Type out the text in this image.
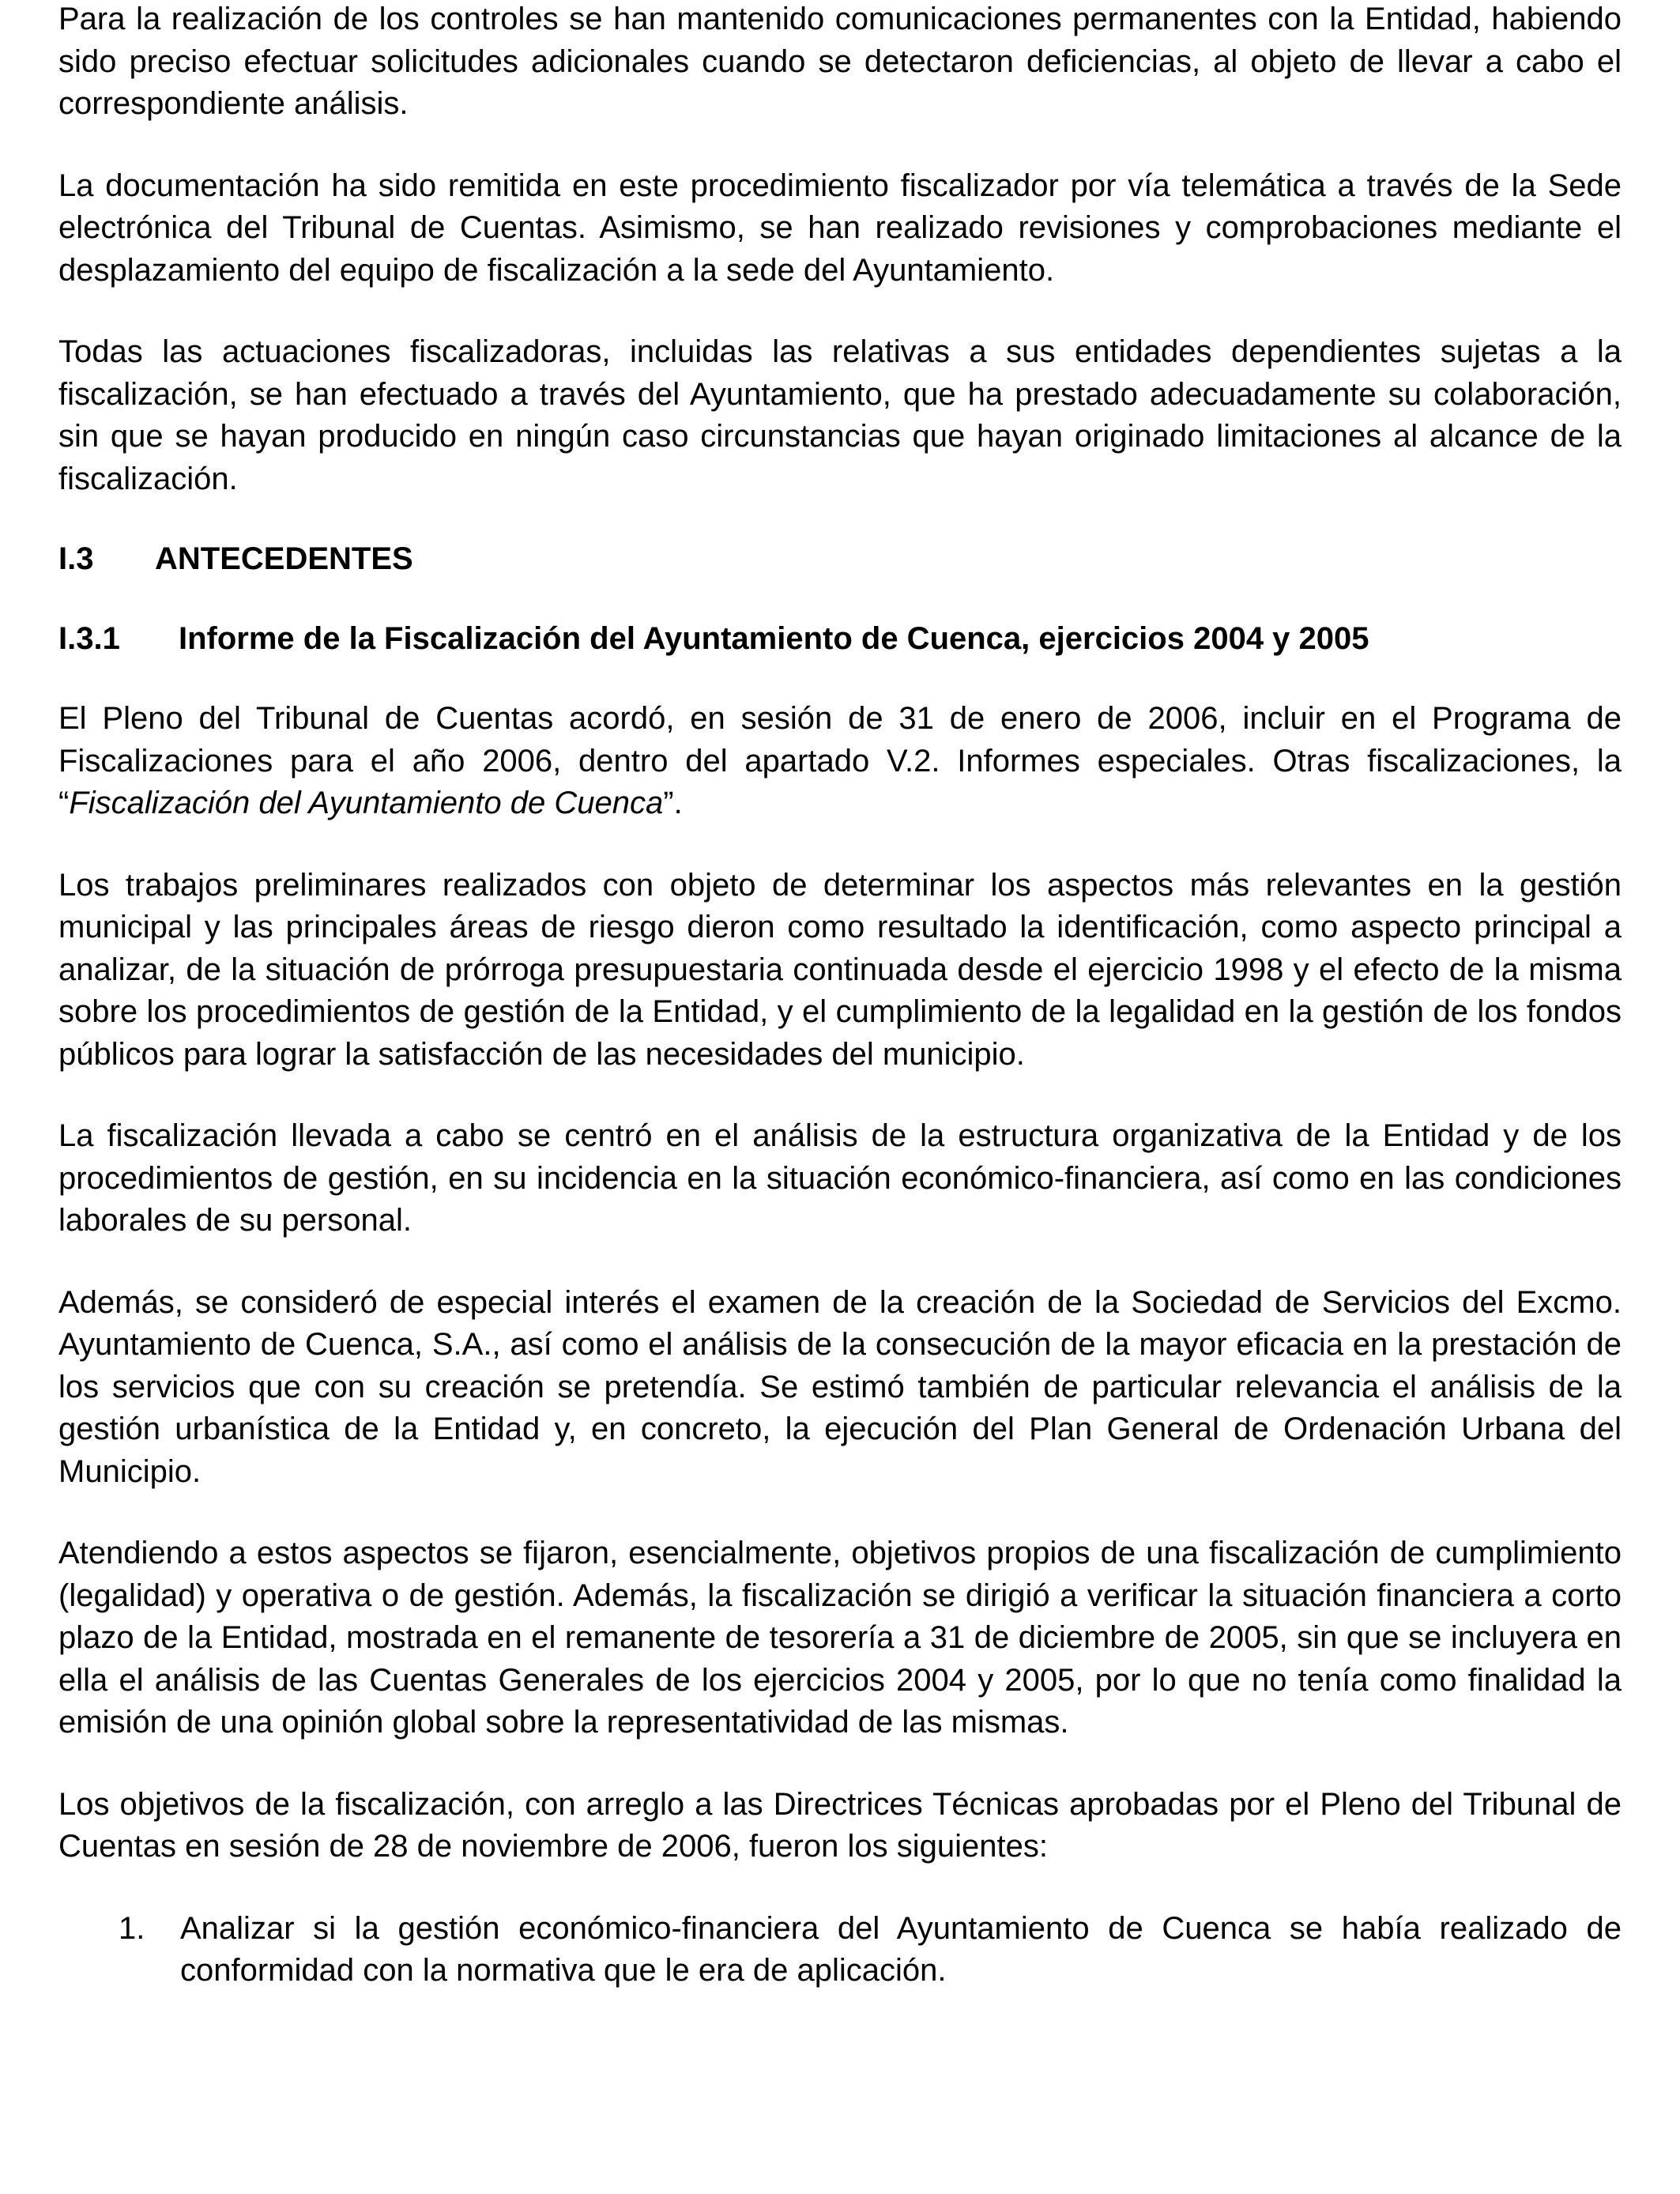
Para la realización de los controles se han mantenido comunicaciones permanentes con la Entidad, habiendo sido preciso efectuar solicitudes adicionales cuando se detectaron deficiencias, al objeto de llevar a cabo el correspondiente análisis.

La documentación ha sido remitida en este procedimiento fiscalizador por vía telemática a través de la Sede electrónica del Tribunal de Cuentas. Asimismo, se han realizado revisiones y comprobaciones mediante el desplazamiento del equipo de fiscalización a la sede del Ayuntamiento.

Todas las actuaciones fiscalizadoras, incluidas las relativas a sus entidades dependientes sujetas a la fiscalización, se han efectuado a través del Ayuntamiento, que ha prestado adecuadamente su colaboración, sin que se hayan producido en ningún caso circunstancias que hayan originado limitaciones al alcance de la fiscalización.

I.3	ANTECEDENTES
I.3.1	Informe de la Fiscalización del Ayuntamiento de Cuenca, ejercicios 2004 y 2005

El Pleno del Tribunal de Cuentas acordó, en sesión de 31 de enero de 2006, incluir en el Programa de Fiscalizaciones para el año 2006, dentro del apartado V.2. Informes especiales. Otras fiscalizaciones, la “Fiscalización del Ayuntamiento de Cuenca”.

Los trabajos preliminares realizados con objeto de determinar los aspectos más relevantes en la gestión municipal y las principales áreas de riesgo dieron como resultado la identificación, como aspecto principal a analizar, de la situación de prórroga presupuestaria continuada desde el ejercicio 1998 y el efecto de la misma sobre los procedimientos de gestión de la Entidad, y el cumplimiento de la legalidad en la gestión de los fondos públicos para lograr la satisfacción de las necesidades del municipio.

La fiscalización llevada a cabo se centró en el análisis de la estructura organizativa de la Entidad y de los procedimientos de gestión, en su incidencia en la situación económico-financiera, así como en las condiciones laborales de su personal.

Además, se consideró de especial interés el examen de la creación de la Sociedad de Servicios del Excmo. Ayuntamiento de Cuenca, S.A., así como el análisis de la consecución de la mayor eficacia en la prestación de los servicios que con su creación se pretendía. Se estimó también de particular relevancia el análisis de la gestión urbanística de la Entidad y, en concreto, la ejecución del Plan General de Ordenación Urbana del Municipio.

Atendiendo a estos aspectos se fijaron, esencialmente, objetivos propios de una fiscalización de cumplimiento (legalidad) y operativa o de gestión. Además, la fiscalización se dirigió a verificar la situación financiera a corto plazo de la Entidad, mostrada en el remanente de tesorería a 31 de diciembre de 2005, sin que se incluyera en ella el análisis de las Cuentas Generales de los ejercicios 2004 y 2005, por lo que no tenía como finalidad la emisión de una opinión global sobre la representatividad de las mismas.

Los objetivos de la fiscalización, con arreglo a las Directrices Técnicas aprobadas por el Pleno del Tribunal de Cuentas en sesión de 28 de noviembre de 2006, fueron los siguientes:

1.	Analizar si la gestión económico-financiera del Ayuntamiento de Cuenca se había realizado de conformidad con la normativa que le era de aplicación.
